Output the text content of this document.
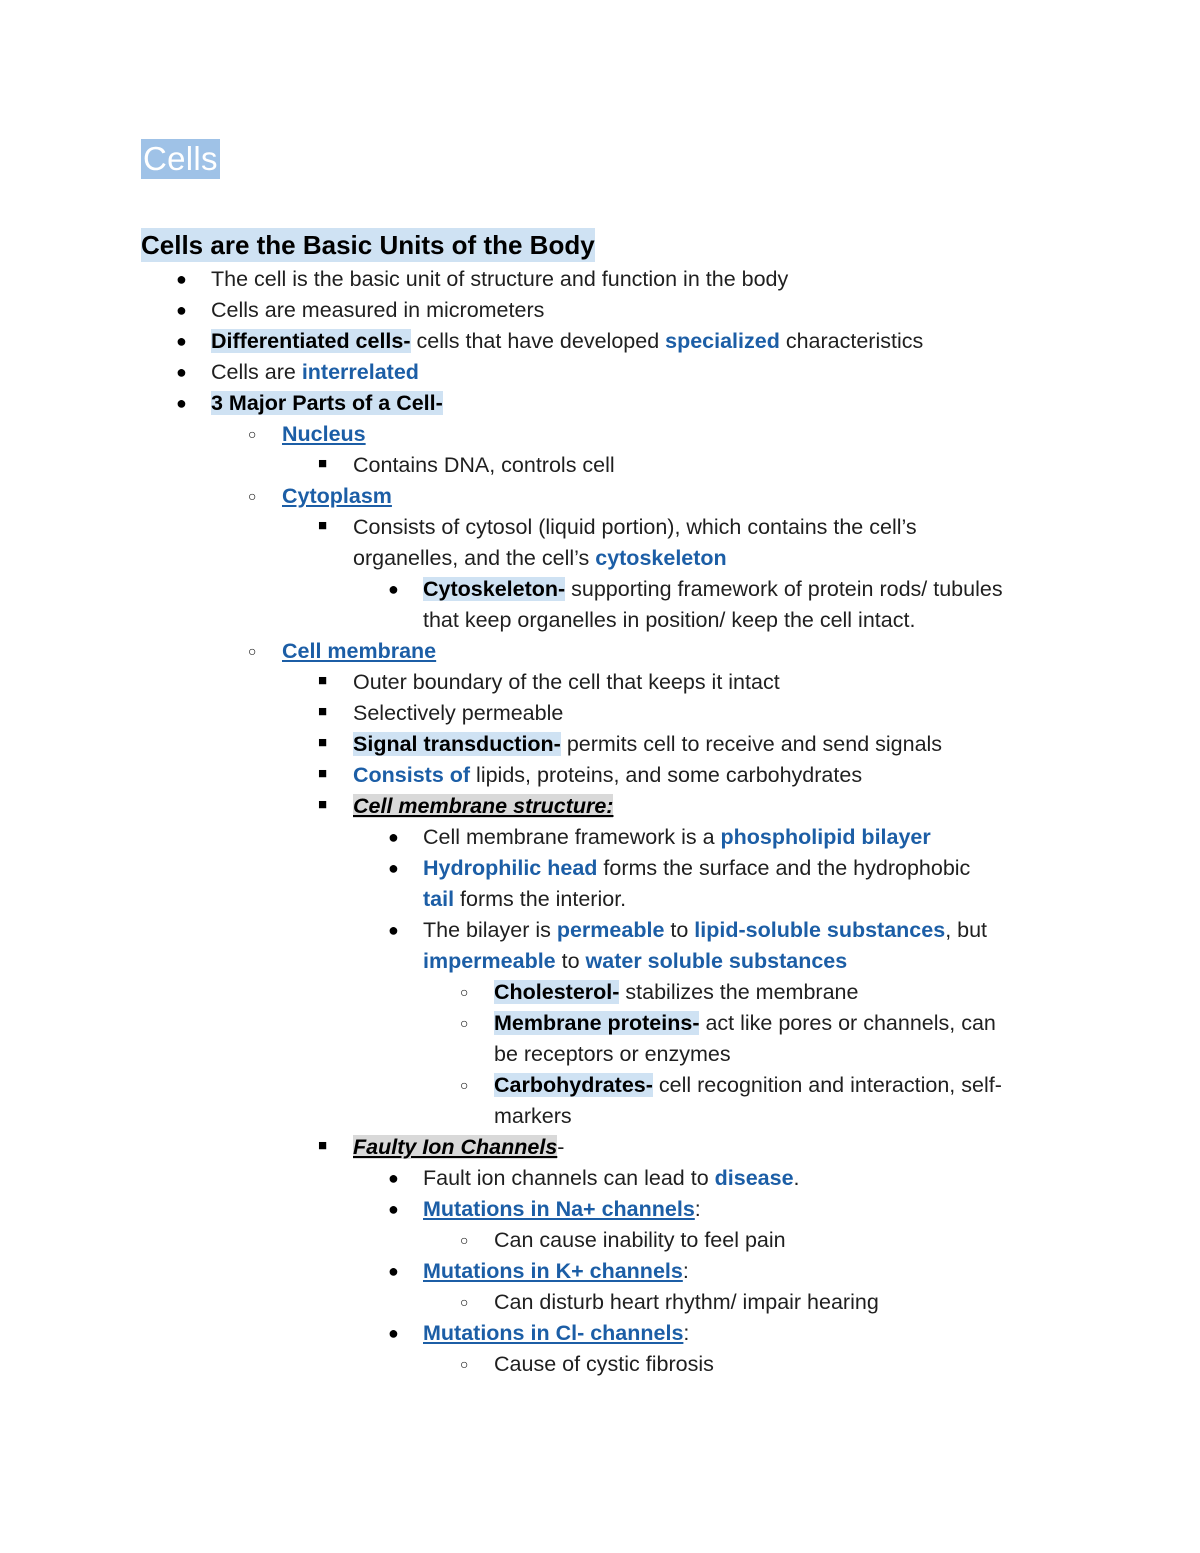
Cells
Cells are the Basic Units of the Body
● The cell is the basic unit of structure and function in the body
● Cells are measured in micrometers
● Differentiated cells- cells that have developed specialized characteristics
● Cells are interrelated
● 3 Major Parts of a Cell-
○ Nucleus
■ Contains DNA, controls cell
○ Cytoplasm
■ Consists of cytosol (liquid portion), which contains the cell’s
organelles, and the cell’s cytoskeleton
● Cytoskeleton- supporting framework of protein rods/ tubules
that keep organelles in position/ keep the cell intact.
○ Cell membrane
■ Outer boundary of the cell that keeps it intact
■ Selectively permeable
■ Signal transduction- permits cell to receive and send signals
■ Consists of lipids, proteins, and some carbohydrates
■ Cell membrane structure:
● Cell membrane framework is a phospholipid bilayer
● Hydrophilic head forms the surface and the hydrophobic
tail forms the interior.
● The bilayer is permeable to lipid-soluble substances, but
impermeable to water soluble substances
○ Cholesterol- stabilizes the membrane
○ Membrane proteins- act like pores or channels, can
be receptors or enzymes
○ Carbohydrates- cell recognition and interaction, self-
markers
■ Faulty Ion Channels-
● Fault ion channels can lead to disease.
● Mutations in Na+ channels:
○ Can cause inability to feel pain
● Mutations in K+ channels:
○ Can disturb heart rhythm/ impair hearing
● Mutations in Cl- channels:
○ Cause of cystic fibrosis
